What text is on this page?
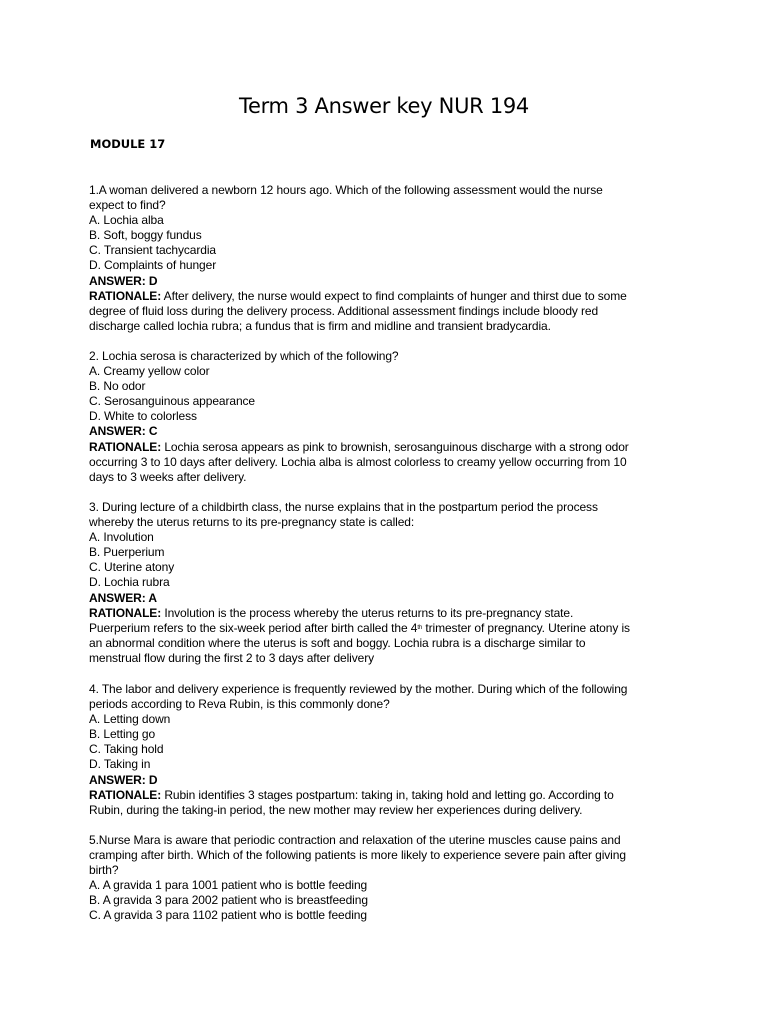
Term 3 Answer key NUR 194
MODULE 17
1.A woman delivered a newborn 12 hours ago. Which of the following assessment would the nurse
expect to find?
A. Lochia alba
B. Soft, boggy fundus
C. Transient tachycardia
D. Complaints of hunger
ANSWER: D
RATIONALE: After delivery, the nurse would expect to find complaints of hunger and thirst due to some
degree of fluid loss during the delivery process. Additional assessment findings include bloody red
discharge called lochia rubra; a fundus that is firm and midline and transient bradycardia.
2. Lochia serosa is characterized by which of the following?
A. Creamy yellow color
B. No odor
C. Serosanguinous appearance
D. White to colorless
ANSWER: C
RATIONALE: Lochia serosa appears as pink to brownish, serosanguinous discharge with a strong odor
occurring 3 to 10 days after delivery. Lochia alba is almost colorless to creamy yellow occurring from 10
days to 3 weeks after delivery.
3. During lecture of a childbirth class, the nurse explains that in the postpartum period the process
whereby the uterus returns to its pre-pregnancy state is called:
A. Involution
B. Puerperium
C. Uterine atony
D. Lochia rubra
ANSWER: A
RATIONALE: Involution is the process whereby the uterus returns to its pre-pregnancy state.
Puerperium refers to the six-week period after birth called the 4th trimester of pregnancy. Uterine atony is
an abnormal condition where the uterus is soft and boggy. Lochia rubra is a discharge similar to
menstrual flow during the first 2 to 3 days after delivery
4. The labor and delivery experience is frequently reviewed by the mother. During which of the following
periods according to Reva Rubin, is this commonly done?
A. Letting down
B. Letting go
C. Taking hold
D. Taking in
ANSWER: D
RATIONALE: Rubin identifies 3 stages postpartum: taking in, taking hold and letting go. According to
Rubin, during the taking-in period, the new mother may review her experiences during delivery.
5.Nurse Mara is aware that periodic contraction and relaxation of the uterine muscles cause pains and
cramping after birth. Which of the following patients is more likely to experience severe pain after giving
birth?
A. A gravida 1 para 1001 patient who is bottle feeding
B. A gravida 3 para 2002 patient who is breastfeeding
C. A gravida 3 para 1102 patient who is bottle feeding
